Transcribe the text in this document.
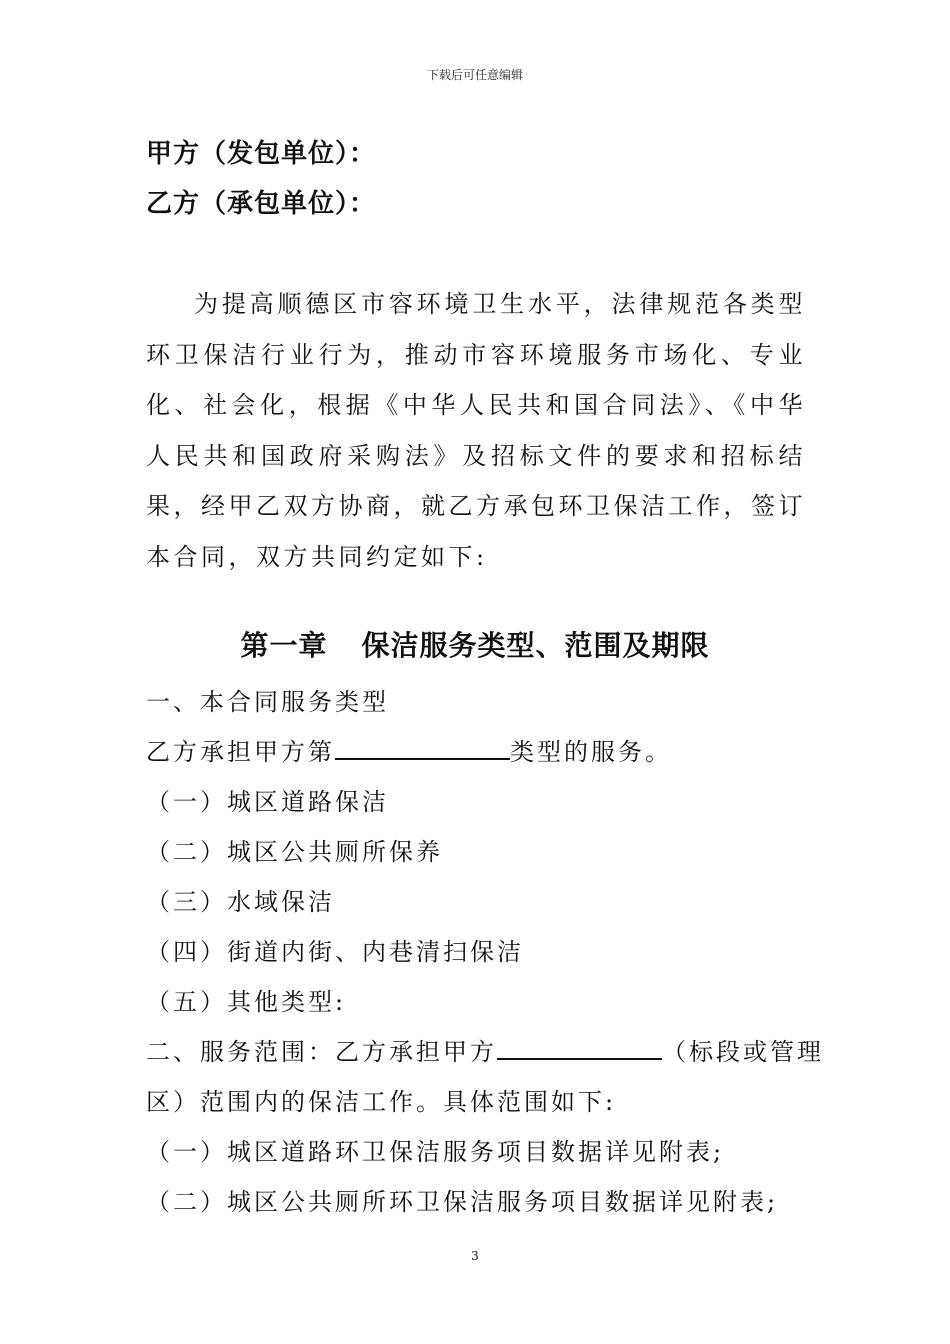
下载后可任意编辑
甲方（发包单位）：
乙方（承包单位）：
为提高顺德区市容环境卫生水平，法律规范各类型环卫保洁行业行为，推动市容环境服务市场化、专业化、社会化，根据《中华人民共和国合同法》、《中华人民共和国政府采购法》及招标文件的要求和招标结果，经甲乙双方协商，就乙方承包环卫保洁工作，签订本合同，双方共同约定如下:
第一章 保洁服务类型、范围及期限
一、本合同服务类型
乙方承担甲方第	类型的服务。
（一）城区道路保洁
（二）城区公共厕所保养
（三）水域保洁
（四）街道内街、内巷清扫保洁
（五）其他类型:
二、服务范围：乙方承担甲方	（标段或管理
区）范围内的保洁工作。具体范围如下:
（一）城区道路环卫保洁服务项目数据详见附表;
（二）城区公共厕所环卫保洁服务项目数据详见附表;
3
